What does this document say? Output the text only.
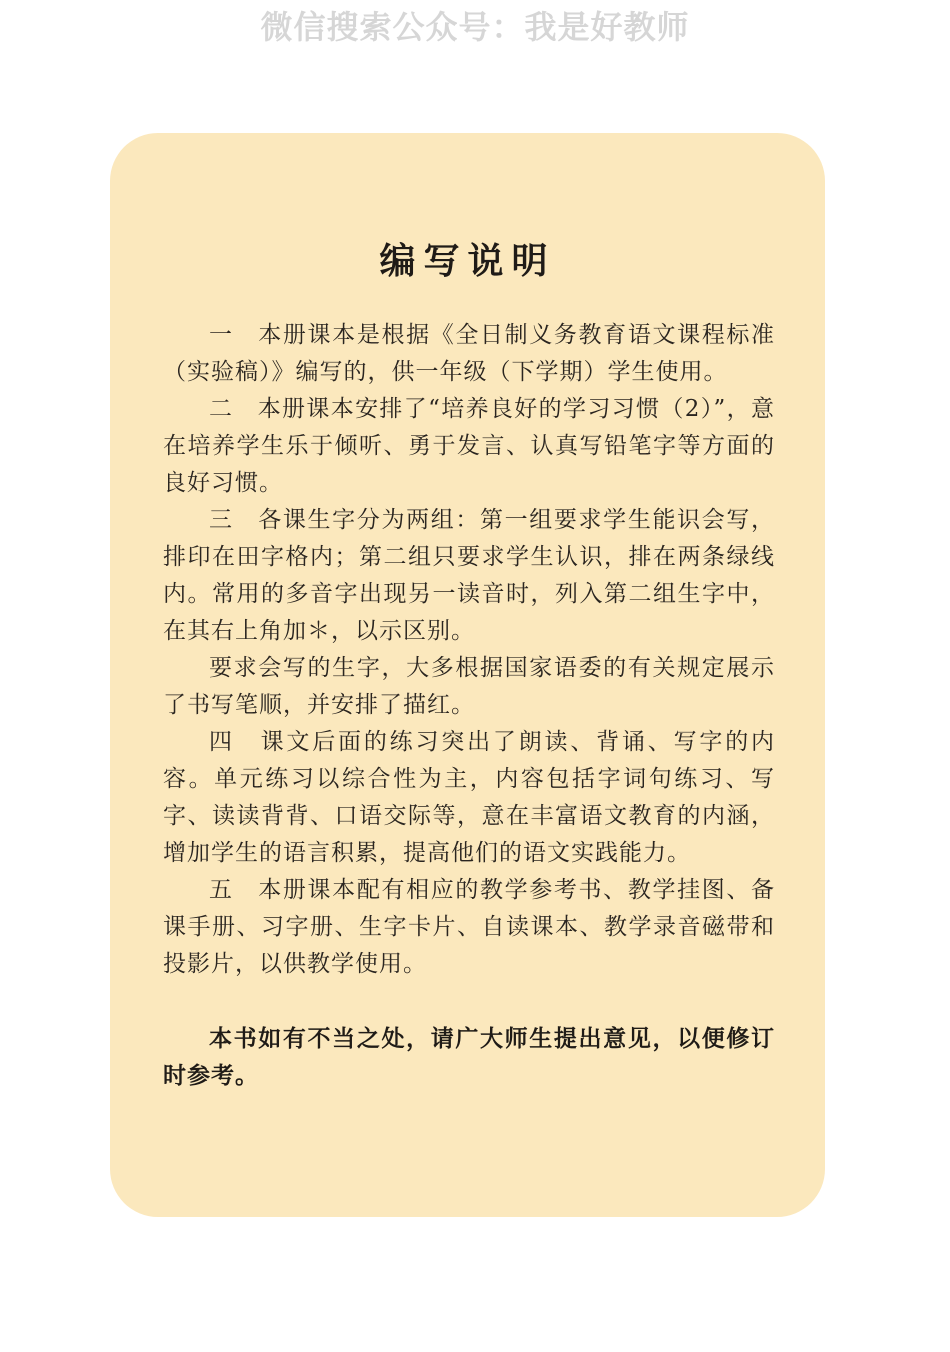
微信搜索公众号：我是好教师
编写说明

一　本册课本是根据《全日制义务教育语文课程标准（实验稿）》编写的，供一年级（下学期）学生使用。

二　本册课本安排了“培养良好的学习习惯（2）”，意在培养学生乐于倾听、勇于发言、认真写铅笔字等方面的良好习惯。

三　各课生字分为两组：第一组要求学生能识会写，排印在田字格内；第二组只要求学生认识，排在两条绿线内。常用的多音字出现另一读音时，列入第二组生字中，在其右上角加＊，以示区别。

要求会写的生字，大多根据国家语委的有关规定展示了书写笔顺，并安排了描红。

四　课文后面的练习突出了朗读、背诵、写字的内容。单元练习以综合性为主，内容包括字词句练习、写字、读读背背、口语交际等，意在丰富语文教育的内涵，增加学生的语言积累，提高他们的语文实践能力。

五　本册课本配有相应的教学参考书、教学挂图、备课手册、习字册、生字卡片、自读课本、教学录音磁带和投影片，以供教学使用。

本书如有不当之处，请广大师生提出意见，以便修订时参考。
